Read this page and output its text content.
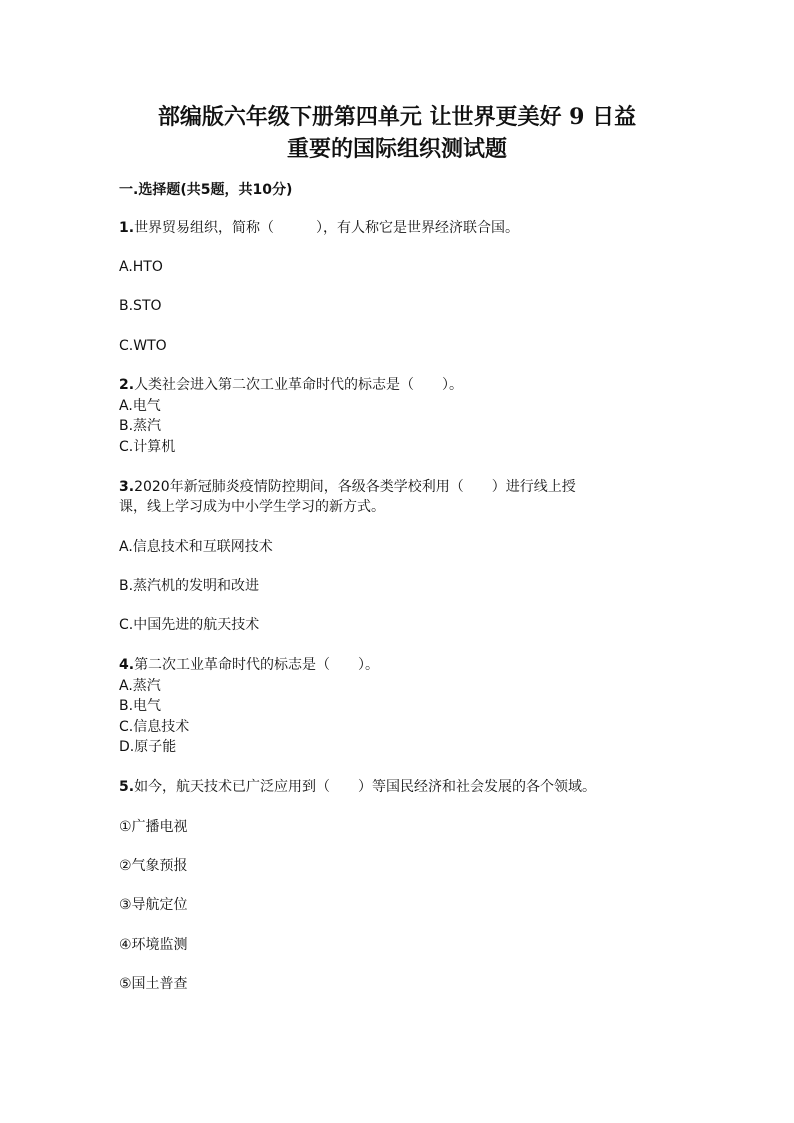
部编版六年级下册第四单元 让世界更美好 9 日益
重要的国际组织测试题
一.选择题(共5题，共10分)
1.世界贸易组织，简称（　　　），有人称它是世界经济联合国。
A.HTO
B.STO
C.WTO
2.人类社会进入第二次工业革命时代的标志是（　　）。
A.电气
B.蒸汽
C.计算机
3.2020年新冠肺炎疫情防控期间，各级各类学校利用（　　）进行线上授
课，线上学习成为中小学生学习的新方式。
A.信息技术和互联网技术
B.蒸汽机的发明和改进
C.中国先进的航天技术
4.第二次工业革命时代的标志是（　　）。
A.蒸汽
B.电气
C.信息技术
D.原子能
5.如今，航天技术已广泛应用到（　　）等国民经济和社会发展的各个领域。
①广播电视
②气象预报
③导航定位
④环境监测
⑤国土普查
